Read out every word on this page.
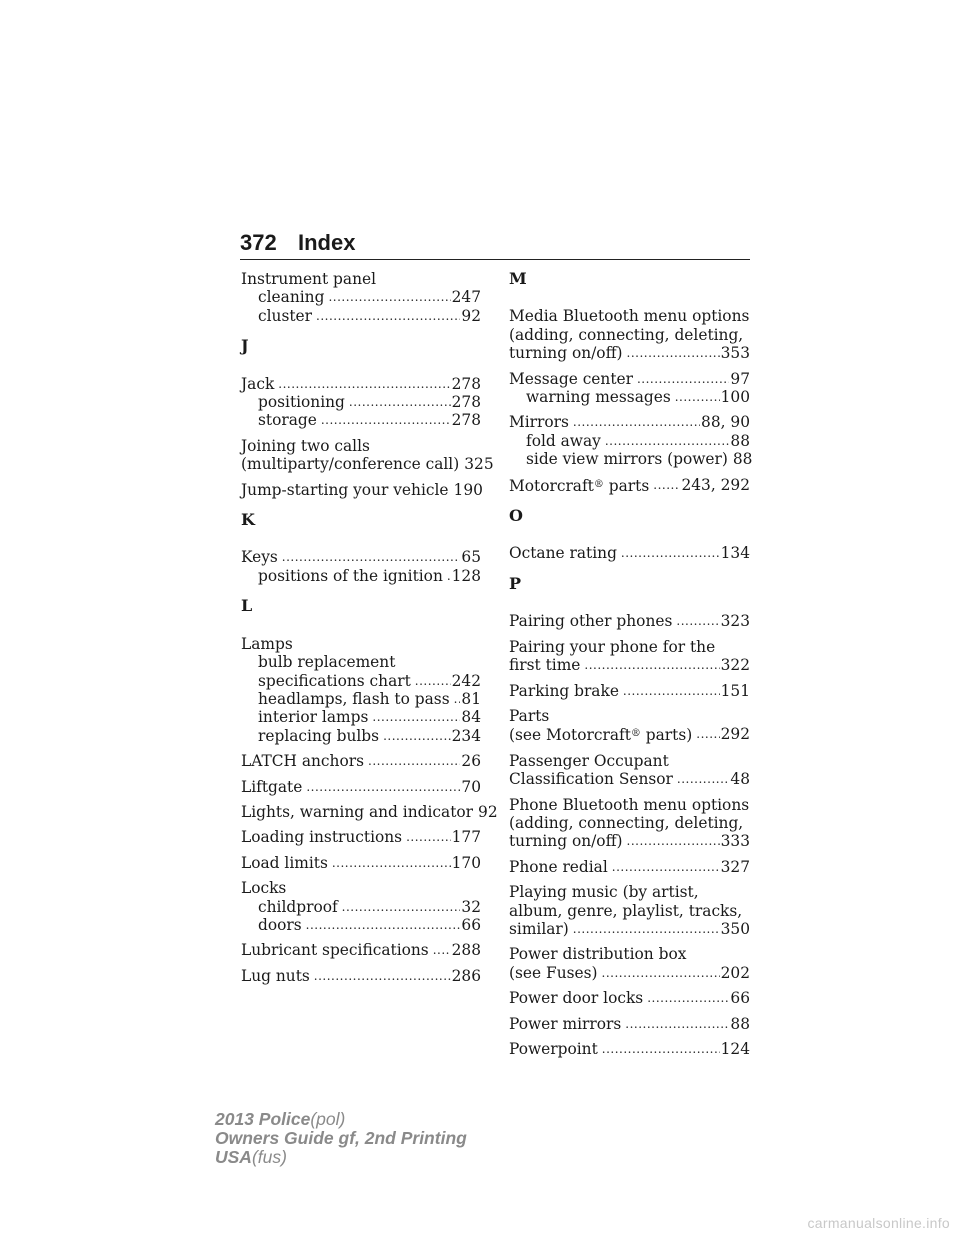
372 Index
Instrument panel
cleaning .....	247
cluster .....	92
J
Jack .....	278
positioning .....	278
storage .....	278
Joining two calls
(multiparty/conference call) 325
Jump-starting your vehicle 190
K
Keys .....	65
positions of the ignition ..... 128
L
Lamps
bulb replacement
specifications chart .....	242
headlamps, flash to pass ..... 81
interior lamps .....	84
replacing bulbs .....	234
LATCH anchors .....	26
Liftgate .....	70
Lights, warning and indicator 92
Loading instructions .....	177
Load limits .....	170
Locks
childproof .....	32
doors .....	66
Lubricant specifications ..... 288
Lug nuts .....	286
M
Media Bluetooth menu options
(adding, connecting, deleting,
turning on/off) .....	353
Message center .....	97
warning messages .....	100
Mirrors .....	88, 90
fold away .....	88
side view mirrors (power) 88
Motorcraft® parts ..... 243, 292
O
Octane rating .....	134
P
Pairing other phones .....	323
Pairing your phone for the
first time .....	322
Parking brake .....	151
Parts
(see Motorcraft® parts) ..... 292
Passenger Occupant
Classification Sensor .....	48
Phone Bluetooth menu options
(adding, connecting, deleting,
turning on/off) .....	333
Phone redial .....	327
Playing music (by artist,
album, genre, playlist, tracks,
similar) .....	350
Power distribution box
(see Fuses) .....	202
Power door locks .....	66
Power mirrors .....	88
Powerpoint .....	124
2013 Police(pol)
Owners Guide gf, 2nd Printing
USA(fus)
carmanualsonline.info
